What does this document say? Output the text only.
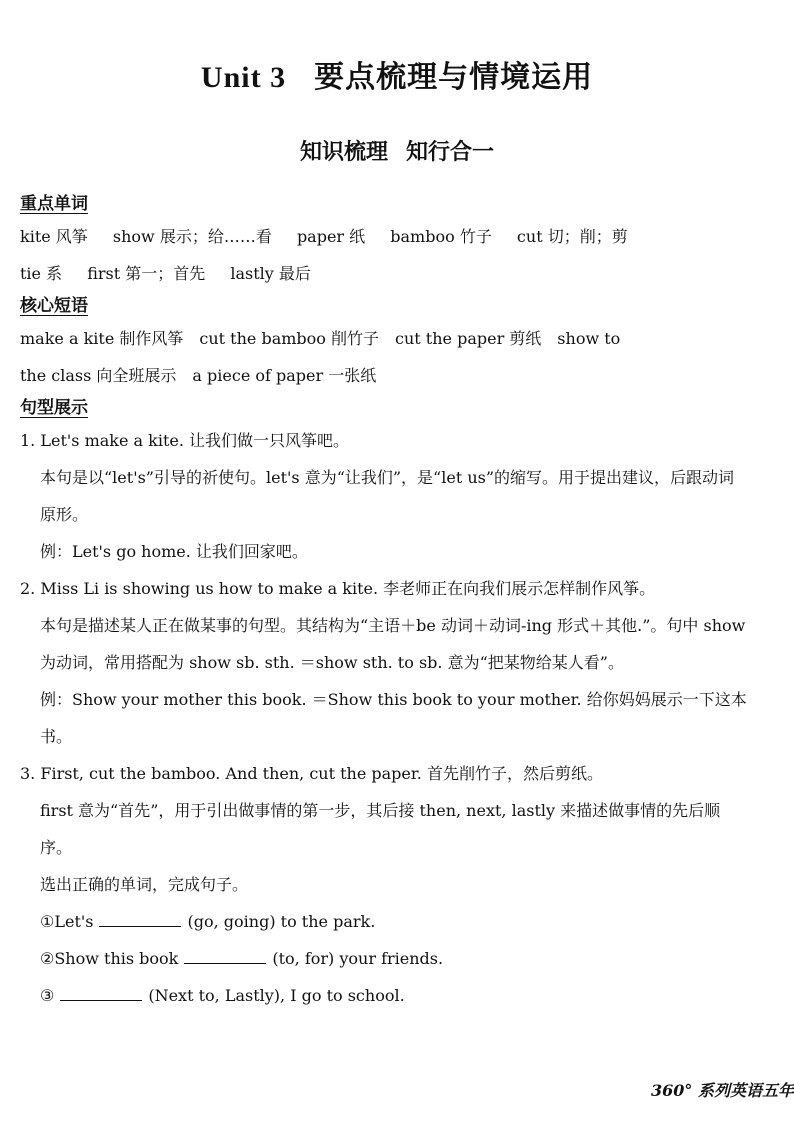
Unit 3 要点梳理与情境运用
知识梳理 知行合一

重点单词

kite 风筝 show 展示；给……看 paper 纸 bamboo 竹子 cut 切；削；剪

tie 系 first 第一；首先 lastly 最后

核心短语

make a kite 制作风筝　cut the bamboo 削竹子　cut the paper 剪纸　show to

the class 向全班展示　a piece of paper 一张纸

句型展示

1. Let's make a kite. 让我们做一只风筝吧。

本句是以“let's”引导的祈使句。let's 意为“让我们”，是“let us”的缩写。用于提出建议，后跟动词原形。

例：Let's go home. 让我们回家吧。

2. Miss Li is showing us how to make a kite. 李老师正在向我们展示怎样制作风筝。

本句是描述某人正在做某事的句型。其结构为“主语＋be 动词＋动词-ing 形式＋其他.”。句中 show 为动词，常用搭配为 show sb. sth. ＝show sth. to sb. 意为“把某物给某人看”。

例：Show your mother this book. ＝Show this book to your mother. 给你妈妈展示一下这本书。

3. First, cut the bamboo. And then, cut the paper. 首先削竹子，然后剪纸。

first 意为“首先”，用于引出做事情的第一步，其后接 then, next, lastly 来描述做事情的先后顺序。

选出正确的单词，完成句子。

①Let's	(go, going) to the park.

②Show this book	(to, for) your friends.

③	(Next to, Lastly), I go to school.

360° 系列英语五年
